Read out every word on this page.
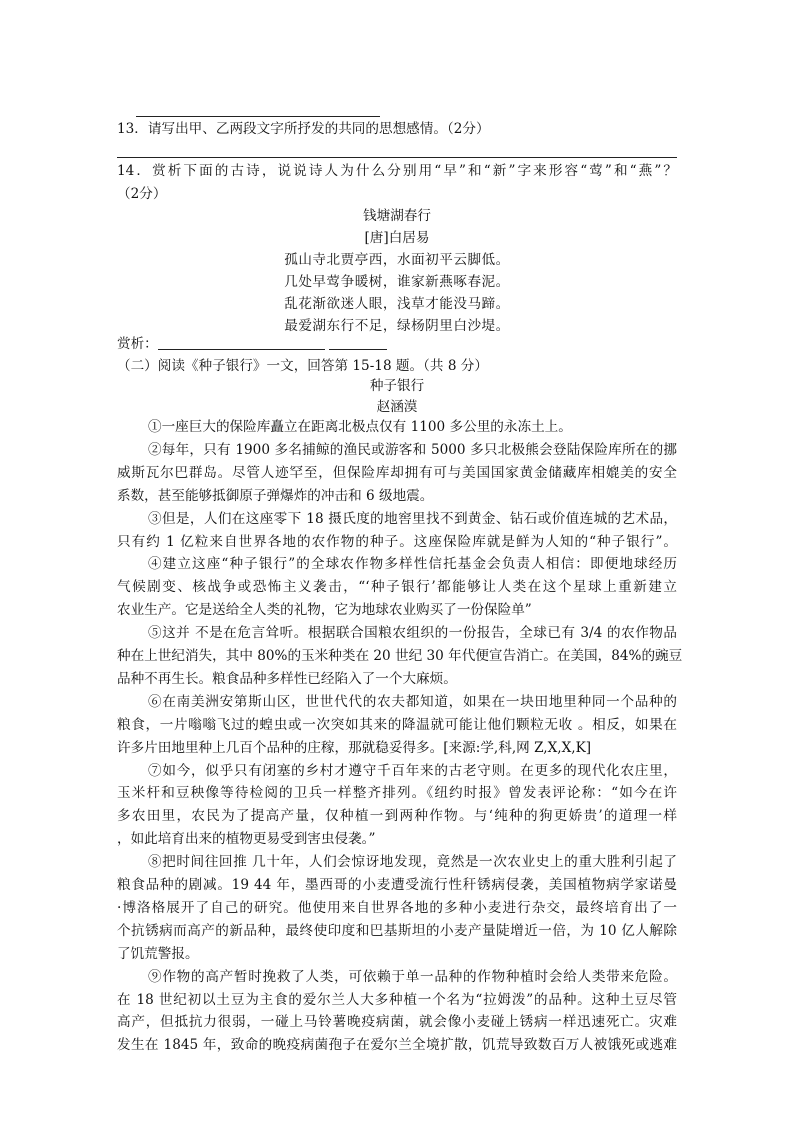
13．请写出甲、乙两段文字所抒发的共同的思想感情。（2分）
14．赏析下面的古诗，说说诗人为什么分别用“早”和“新”字来形容“莺”和“燕”？
（2分）
钱塘湖春行
[唐]白居易
孤山寺北贾亭西，水面初平云脚低。
几处早莺争暖树，谁家新燕啄春泥。
乱花渐欲迷人眼，浅草才能没马蹄。
最爱湖东行不足，绿杨阴里白沙堤。
赏析：
（二）阅读《种子银行》一文，回答第 15-18 题。（共 8 分）
种子银行
赵涵漠
①一座巨大的保险库矗立在距离北极点仅有 1100 多公里的永冻土上。
②每年，只有 1900 多名捕鲸的渔民或游客和 5000 多只北极熊会登陆保险库所在的挪
威斯瓦尔巴群岛。尽管人迹罕至，但保险库却拥有可与美国国家黄金储藏库相媲美的安全
系数，甚至能够抵御原子弹爆炸的冲击和 6 级地震。
③但是，人们在这座零下 18 摄氏度的地窖里找不到黄金、钻石或价值连城的艺术品，
只有约 1 亿粒来自世界各地的农作物的种子。这座保险库就是鲜为人知的“种子银行”。
④建立这座“种子银行”的全球农作物多样性信托基金会负责人相信：即便地球经历
气候剧变、核战争或恐怖主义袭击，“‘种子银行’都能够让人类在这个星球上重新建立
农业生产。它是送给全人类的礼物，它为地球农业购买了一份保险单”
⑤这并 不是在危言耸听。根据联合国粮农组织的一份报告，全球已有 3/4 的农作物品
种在上世纪消失，其中 80%的玉米种类在 20 世纪 30 年代便宣告消亡。在美国，84%的豌豆
品种不再生长。粮食品种多样性已经陷入了一个大麻烦。
⑥在南美洲安第斯山区，世世代代的农夫都知道，如果在一块田地里种同一个品种的
粮食，一片嗡嗡飞过的蝗虫或一次突如其来的降温就可能让他们颗粒无收 。相反，如果在
许多片田地里种上几百个品种的庄稼，那就稳妥得多。[来源:学,科,网 Z,X,X,K]
⑦如今，似乎只有闭塞的乡村才遵守千百年来的古老守则。在更多的现代化农庄里，
玉米杆和豆秧像等待检阅的卫兵一样整齐排列。《纽约时报》曾发表评论称：“如今在许
多农田里，农民为了提高产量，仅种植一到两种作物。与‘纯种的狗更娇贵’的道理一样
，如此培育出来的植物更易受到害虫侵袭。”
⑧把时间往回推 几十年，人们会惊讶地发现，竟然是一次农业史上的重大胜利引起了
粮食品种的剧减。19 44 年，墨西哥的小麦遭受流行性秆锈病侵袭，美国植物病学家诺曼
·博洛格展开了自己的研究。他使用来自世界各地的多种小麦进行杂交，最终培育出了一
个抗锈病而高产的新品种，最终使印度和巴基斯坦的小麦产量陡增近一倍，为 10 亿人解除
了饥荒警报。
⑨作物的高产暂时挽救了人类，可依赖于单一品种的作物种植时会给人类带来危险。
在 18 世纪初以土豆为主食的爱尔兰人大多种植一个名为“拉姆泼”的品种。这种土豆尽管
高产，但抵抗力很弱，一碰上马铃薯晚疫病菌，就会像小麦碰上锈病一样迅速死亡。灾难
发生在 1845 年，致命的晚疫病菌孢子在爱尔兰全境扩散，饥荒导致数百万人被饿死或逃难
